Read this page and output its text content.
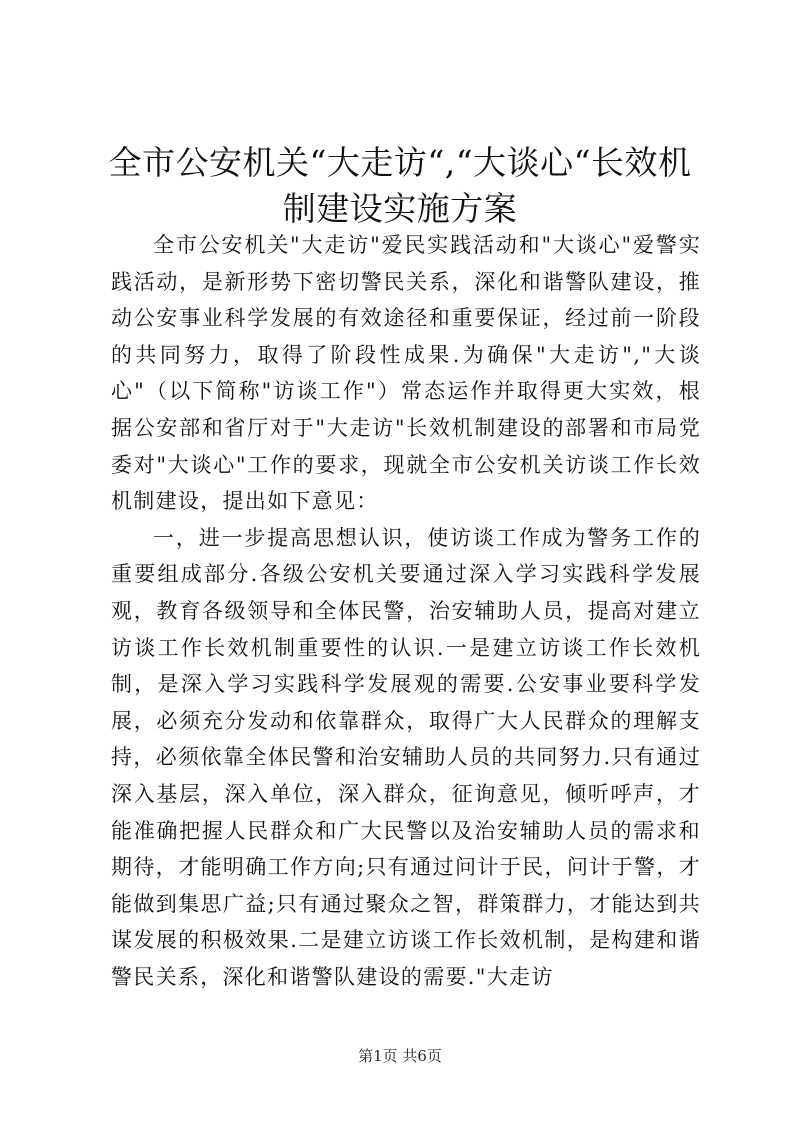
全市公安机关“大走访“,“大谈心“长效机制建设实施方案

全市公安机关"大走访"爱民实践活动和"大谈心"爱警实践活动，是新形势下密切警民关系，深化和谐警队建设，推动公安事业科学发展的有效途径和重要保证，经过前一阶段的共同努力，取得了阶段性成果.为确保"大走访","大谈心"（以下简称"访谈工作"）常态运作并取得更大实效，根据公安部和省厅对于"大走访"长效机制建设的部署和市局党委对"大谈心"工作的要求，现就全市公安机关访谈工作长效机制建设，提出如下意见：

一，进一步提高思想认识，使访谈工作成为警务工作的重要组成部分.各级公安机关要通过深入学习实践科学发展观，教育各级领导和全体民警，治安辅助人员，提高对建立访谈工作长效机制重要性的认识.一是建立访谈工作长效机制，是深入学习实践科学发展观的需要.公安事业要科学发展，必须充分发动和依靠群众，取得广大人民群众的理解支持，必须依靠全体民警和治安辅助人员的共同努力.只有通过深入基层，深入单位，深入群众，征询意见，倾听呼声，才能准确把握人民群众和广大民警以及治安辅助人员的需求和期待，才能明确工作方向;只有通过问计于民，问计于警，才能做到集思广益;只有通过聚众之智，群策群力，才能达到共谋发展的积极效果.二是建立访谈工作长效机制，是构建和谐警民关系，深化和谐警队建设的需要."大走访

第1页 共6页
